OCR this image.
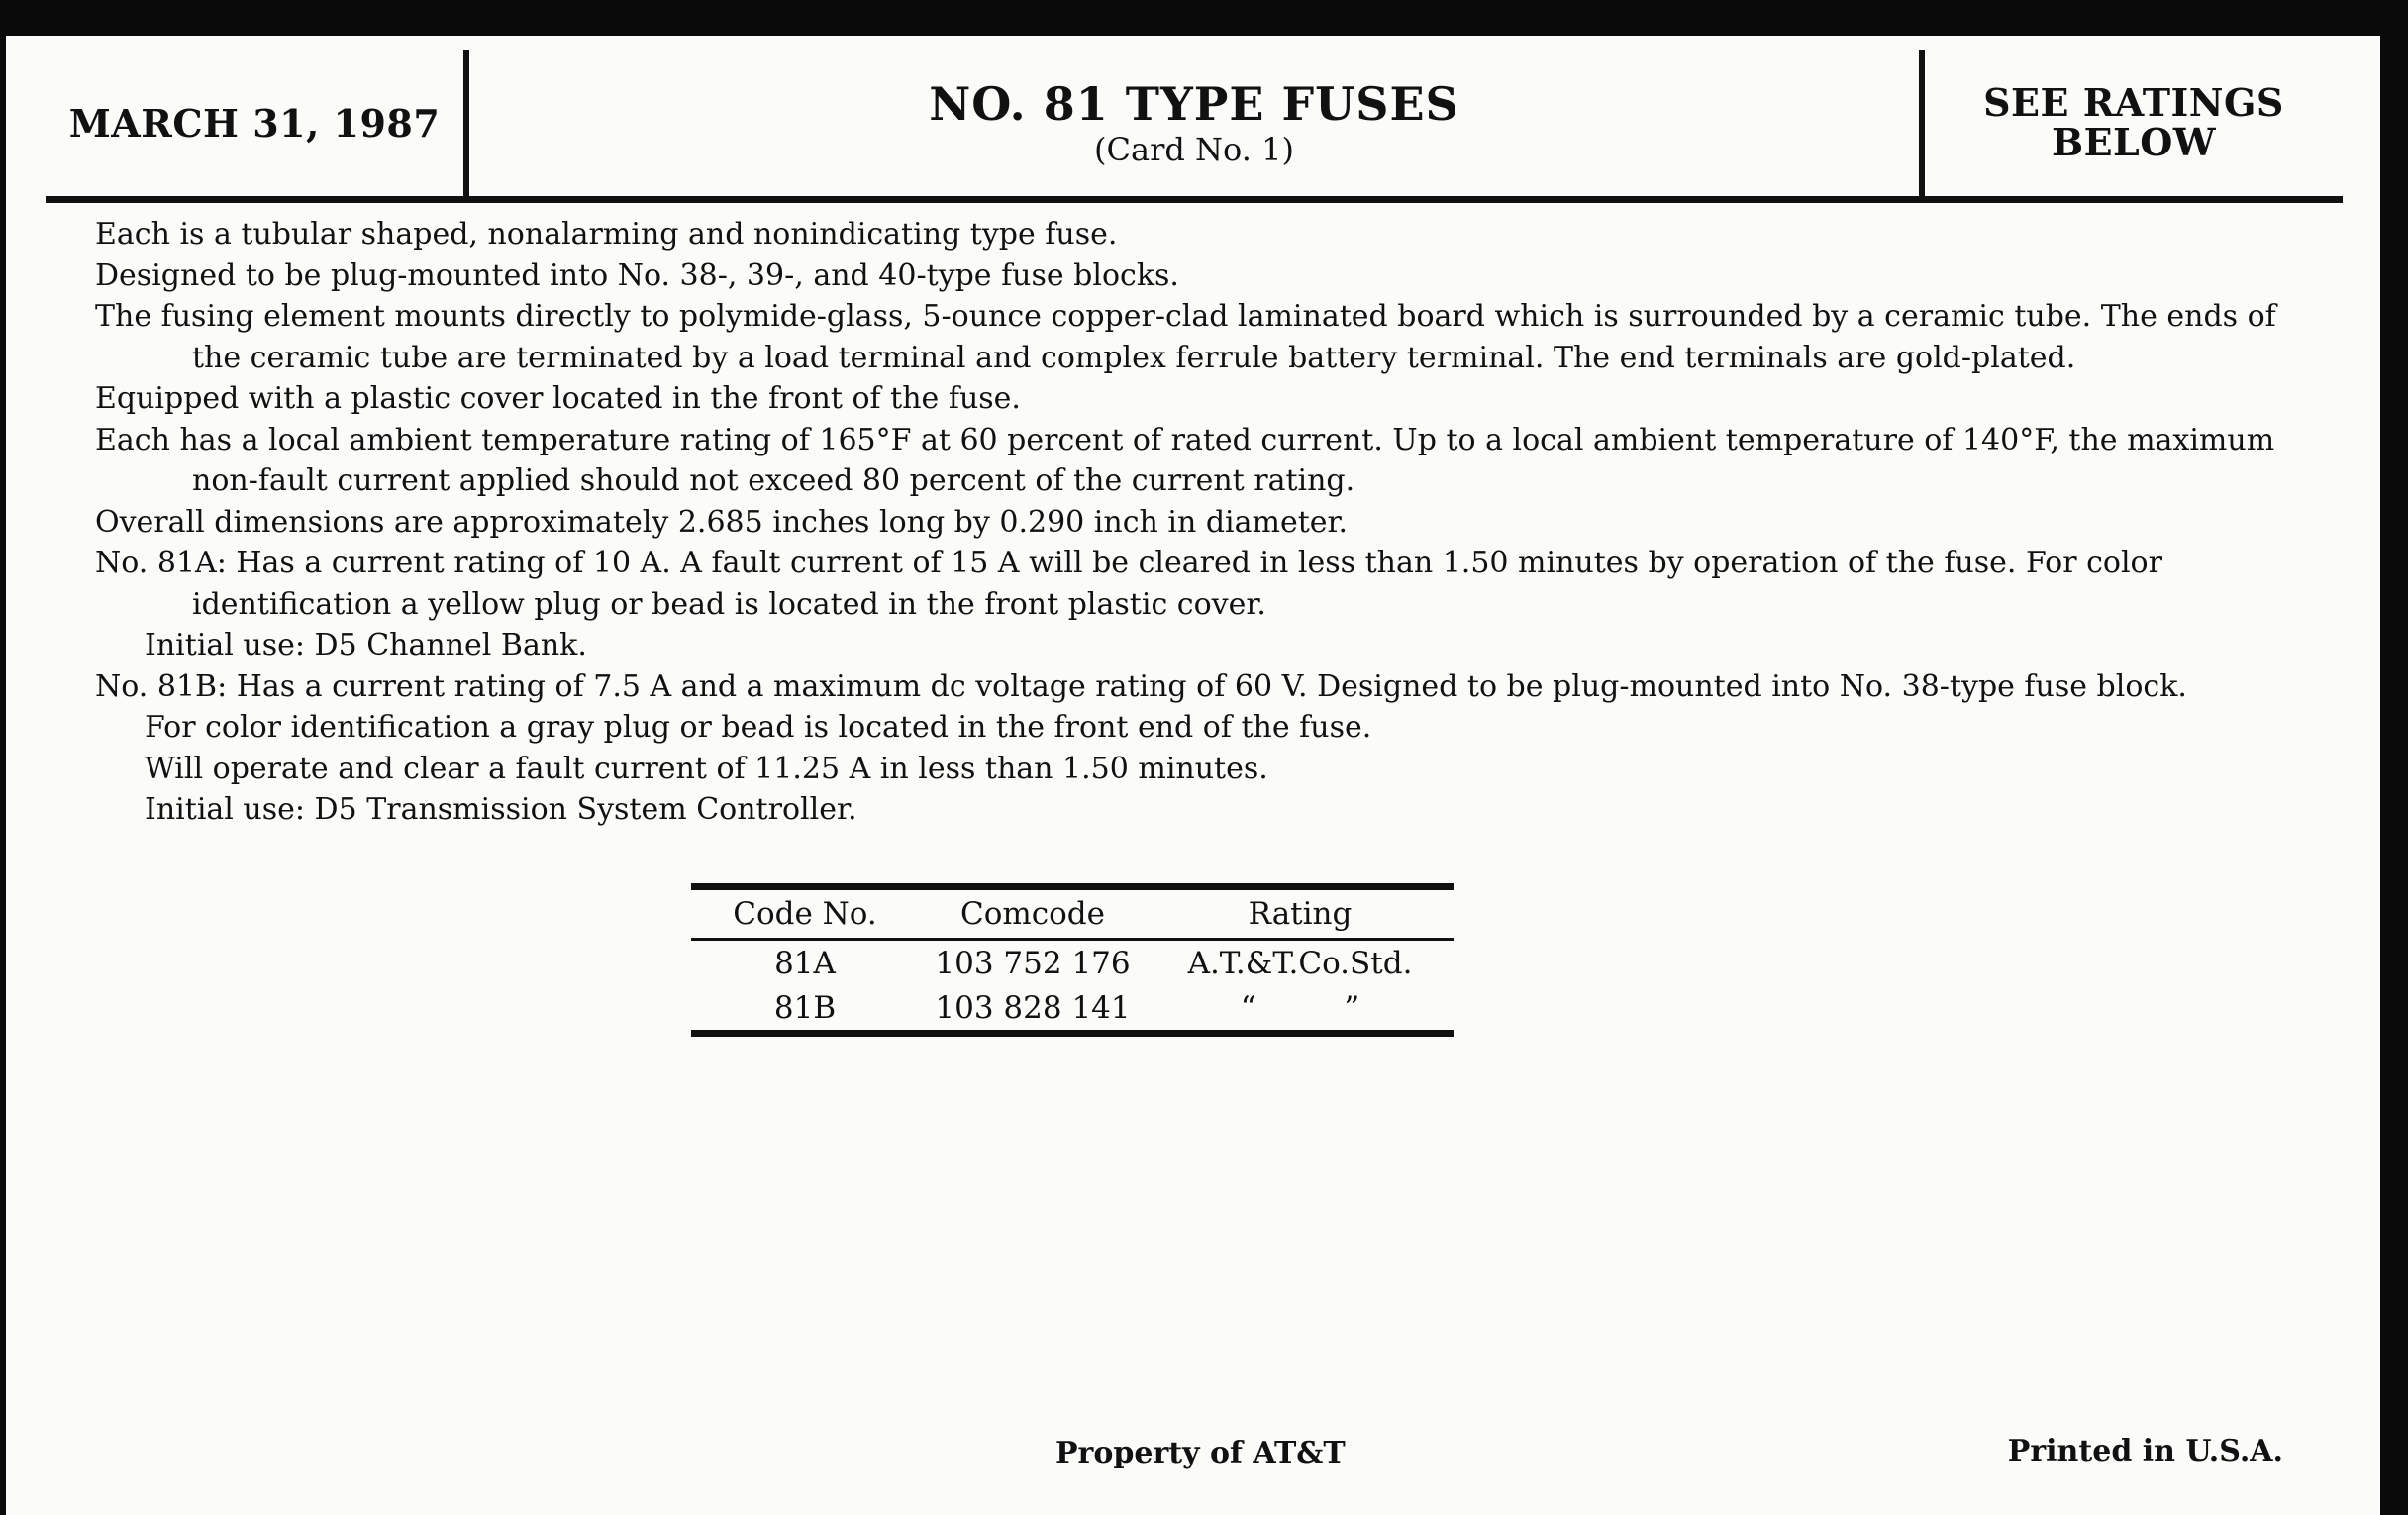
MARCH 31, 1987	NO. 81 TYPE FUSES
(Card No. 1)
SEE RATINGS
BELOW

Each is a tubular shaped, nonalarming and nonindicating type fuse.

Designed to be plug-mounted into No. 38-, 39-, and 40-type fuse blocks.

The fusing element mounts directly to polymide-glass, 5-ounce copper-clad laminated board which is surrounded by a ceramic tube. The ends of the ceramic tube are terminated by a load terminal and complex ferrule battery terminal. The end terminals are gold-plated.

Equipped with a plastic cover located in the front of the fuse.

Each has a local ambient temperature rating of 165°F at 60 percent of rated current. Up to a local ambient temperature of 140°F, the maximum non-fault current applied should not exceed 80 percent of the current rating.

Overall dimensions are approximately 2.685 inches long by 0.290 inch in diameter.

No. 81A: Has a current rating of 10 A. A fault current of 15 A will be cleared in less than 1.50 minutes by operation of the fuse. For color identification a yellow plug or bead is located in the front plastic cover.

Initial use: D5 Channel Bank.

No. 81B: Has a current rating of 7.5 A and a maximum dc voltage rating of 60 V. Designed to be plug-mounted into No. 38-type fuse block.

For color identification a gray plug or bead is located in the front end of the fuse.

Will operate and clear a fault current of 11.25 A in less than 1.50 minutes.

Initial use: D5 Transmission System Controller.

Code No.	Comcode	Rating
81A	103 752 176	A.T.&T.Co.Std.
81B	103 828 141	“         ”
Property of AT&T	Printed in U.S.A.
